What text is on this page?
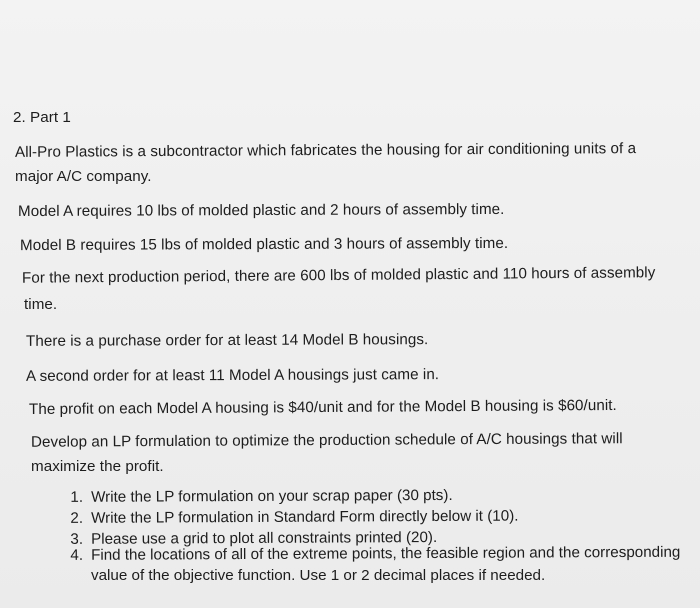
2. Part 1

All-Pro Plastics is a subcontractor which fabricates the housing for air conditioning units of a

major A/C company.

Model A requires 10 lbs of molded plastic and 2 hours of assembly time.

Model B requires 15 lbs of molded plastic and 3 hours of assembly time.

For the next production period, there are 600 lbs of molded plastic and 110 hours of assembly

time.

There is a purchase order for at least 14 Model B housings.

A second order for at least 11 Model A housings just came in.

The profit on each Model A housing is $40/unit and for the Model B housing is $60/unit.

Develop an LP formulation to optimize the production schedule of A/C housings that will

maximize the profit.

1. Write the LP formulation on your scrap paper (30 pts).
2. Write the LP formulation in Standard Form directly below it (10).
3. Please use a grid to plot all constraints printed (20).
4. Find the locations of all of the extreme points, the feasible region and the corresponding

value of the objective function. Use 1 or 2 decimal places if needed.
